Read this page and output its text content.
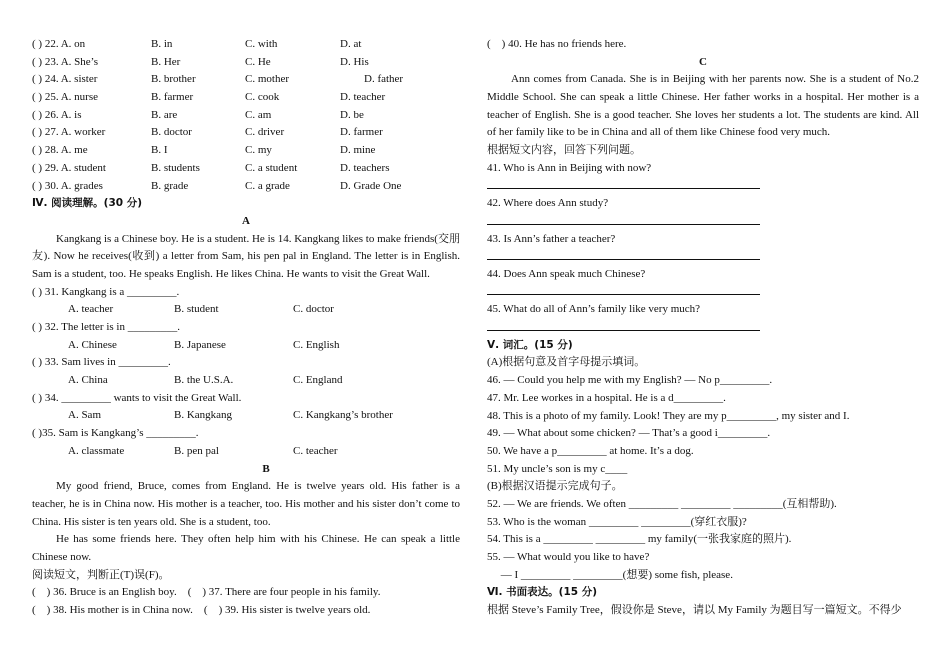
( ) 22. A. on	B. in	C. with	D. at
( ) 23. A. She’s	B. Her	C. He	D. His
( ) 24. A. sister	B. brother	C. mother	D. father
( ) 25. A. nurse	B. farmer	C. cook	D. teacher
( ) 26. A. is	B. are	C. am	D. be
( ) 27. A. worker	B. doctor	C. driver	D. farmer
( ) 28. A. me	B. I	C. my	D. mine
( ) 29. A. student	B. students	C. a student	D. teachers
( ) 30. A. grades	B. grade	C. a grade	D. Grade One
Ⅳ. 阅读理解。(30 分)
A
Kangkang is a Chinese boy. He is a student. He is 14. Kangkang likes to make friends(交朋友). Now he receives(收到) a letter from Sam, his pen pal in England. The letter is in English. Sam is a student, too. He speaks English. He likes China. He wants to visit the Great Wall.
( ) 31. Kangkang is a _________.
A. teacher	B. student	C. doctor
( ) 32. The letter is in _________.
A. Chinese	B. Japanese	C. English
( ) 33. Sam lives in _________.
A. China	B. the U.S.A.	C. England
( ) 34. _________ wants to visit the Great Wall.
A. Sam	B. Kangkang	C. Kangkang’s brother
( )35. Sam is Kangkang’s _________.
A. classmate	B. pen pal	C. teacher
B
My good friend, Bruce, comes from England. He is twelve years old. His father is a teacher, he is in China now. His mother is a teacher, too. His mother and his sister don’t come to China. His sister is ten years old. She is a student, too.
He has some friends here. They often help him with his Chinese. He can speak a little Chinese now.
阅读短文，判断正(T)误(F)。
(    ) 36. Bruce is an English boy.    (    ) 37. There are four people in his family.
(    ) 38. His mother is in China now.    (    ) 39. His sister is twelve years old.
(    ) 40. He has no friends here.
C
Ann comes from Canada. She is in Beijing with her parents now. She is a student of No.2 Middle School. She can speak a little Chinese. Her father works in a hospital. Her mother is a teacher of English. She is a good teacher. She loves her students a lot. The students are kind. All of her family like to be in China and all of them like Chinese food very much.
根据短文内容，回答下列问题。
41. Who is Ann in Beijing with now?
42. Where does Ann study?
43. Is Ann’s father a teacher?
44. Does Ann speak much Chinese?
45. What do all of Ann’s family like very much?
Ⅴ. 词汇。(15 分)
(A)根据句意及首字母提示填词。
46. — Could you help me with my English? — No p_________.
47. Mr. Lee workes in a hospital. He is a d_________.
48. This is a photo of my family. Look! They are my p_________, my sister and I.
49. — What about some chicken? — That’s a good i_________.
50. We have a p_________ at home. It’s a dog.
51. My uncle’s son is my c____
(B)根据汉语提示完成句子。
52. — We are friends. We often _________ _________ _________(互相帮助).
53. Who is the woman _________ _________(穿红衣服)?
54. This is a _________ _________ my family(一张我家庭的照片).
55. — What would you like to have?
— I _________ _________(想要) some fish, please.
Ⅵ. 书面表达。(15 分)
根据 Steve’s Family Tree，假设你是 Steve，请以 My Family 为题目写一篇短文。不得少
